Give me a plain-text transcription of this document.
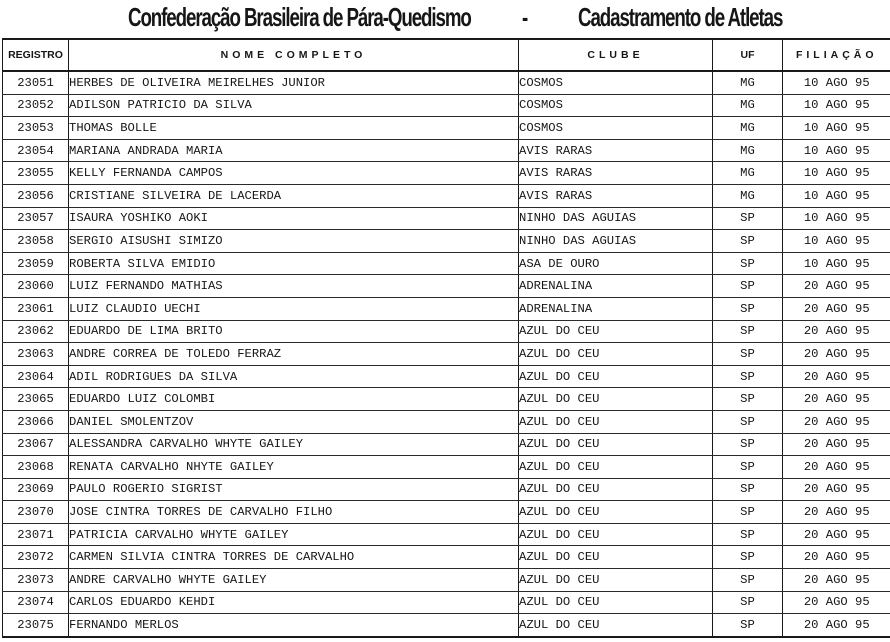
Confederação Brasileira de Pára-Quedismo - Cadastramento de Atletas
REGISTRO	NOME COMPLETO	CLUBE	UF	FILIAÇÃO
23051	HERBES DE OLIVEIRA MEIRELHES JUNIOR	COSMOS	MG	10 AGO 95
23052	ADILSON PATRICIO DA SILVA	COSMOS	MG	10 AGO 95
23053	THOMAS BOLLE	COSMOS	MG	10 AGO 95
23054	MARIANA ANDRADA MARIA	AVIS RARAS	MG	10 AGO 95
23055	KELLY FERNANDA CAMPOS	AVIS RARAS	MG	10 AGO 95
23056	CRISTIANE SILVEIRA DE LACERDA	AVIS RARAS	MG	10 AGO 95
23057	ISAURA YOSHIKO AOKI	NINHO DAS AGUIAS	SP	10 AGO 95
23058	SERGIO AISUSHI SIMIZO	NINHO DAS AGUIAS	SP	10 AGO 95
23059	ROBERTA SILVA EMIDIO	ASA DE OURO	SP	10 AGO 95
23060	LUIZ FERNANDO MATHIAS	ADRENALINA	SP	20 AGO 95
23061	LUIZ CLAUDIO UECHI	ADRENALINA	SP	20 AGO 95
23062	EDUARDO DE LIMA BRITO	AZUL DO CEU	SP	20 AGO 95
23063	ANDRE CORREA DE TOLEDO FERRAZ	AZUL DO CEU	SP	20 AGO 95
23064	ADIL RODRIGUES DA SILVA	AZUL DO CEU	SP	20 AGO 95
23065	EDUARDO LUIZ COLOMBI	AZUL DO CEU	SP	20 AGO 95
23066	DANIEL SMOLENTZOV	AZUL DO CEU	SP	20 AGO 95
23067	ALESSANDRA CARVALHO WHYTE GAILEY	AZUL DO CEU	SP	20 AGO 95
23068	RENATA CARVALHO NHYTE GAILEY	AZUL DO CEU	SP	20 AGO 95
23069	PAULO ROGERIO SIGRIST	AZUL DO CEU	SP	20 AGO 95
23070	JOSE CINTRA TORRES DE CARVALHO FILHO	AZUL DO CEU	SP	20 AGO 95
23071	PATRICIA CARVALHO WHYTE GAILEY	AZUL DO CEU	SP	20 AGO 95
23072	CARMEN SILVIA CINTRA TORRES DE CARVALHO	AZUL DO CEU	SP	20 AGO 95
23073	ANDRE CARVALHO WHYTE GAILEY	AZUL DO CEU	SP	20 AGO 95
23074	CARLOS EDUARDO KEHDI	AZUL DO CEU	SP	20 AGO 95
23075	FERNANDO MERLOS	AZUL DO CEU	SP	20 AGO 95
